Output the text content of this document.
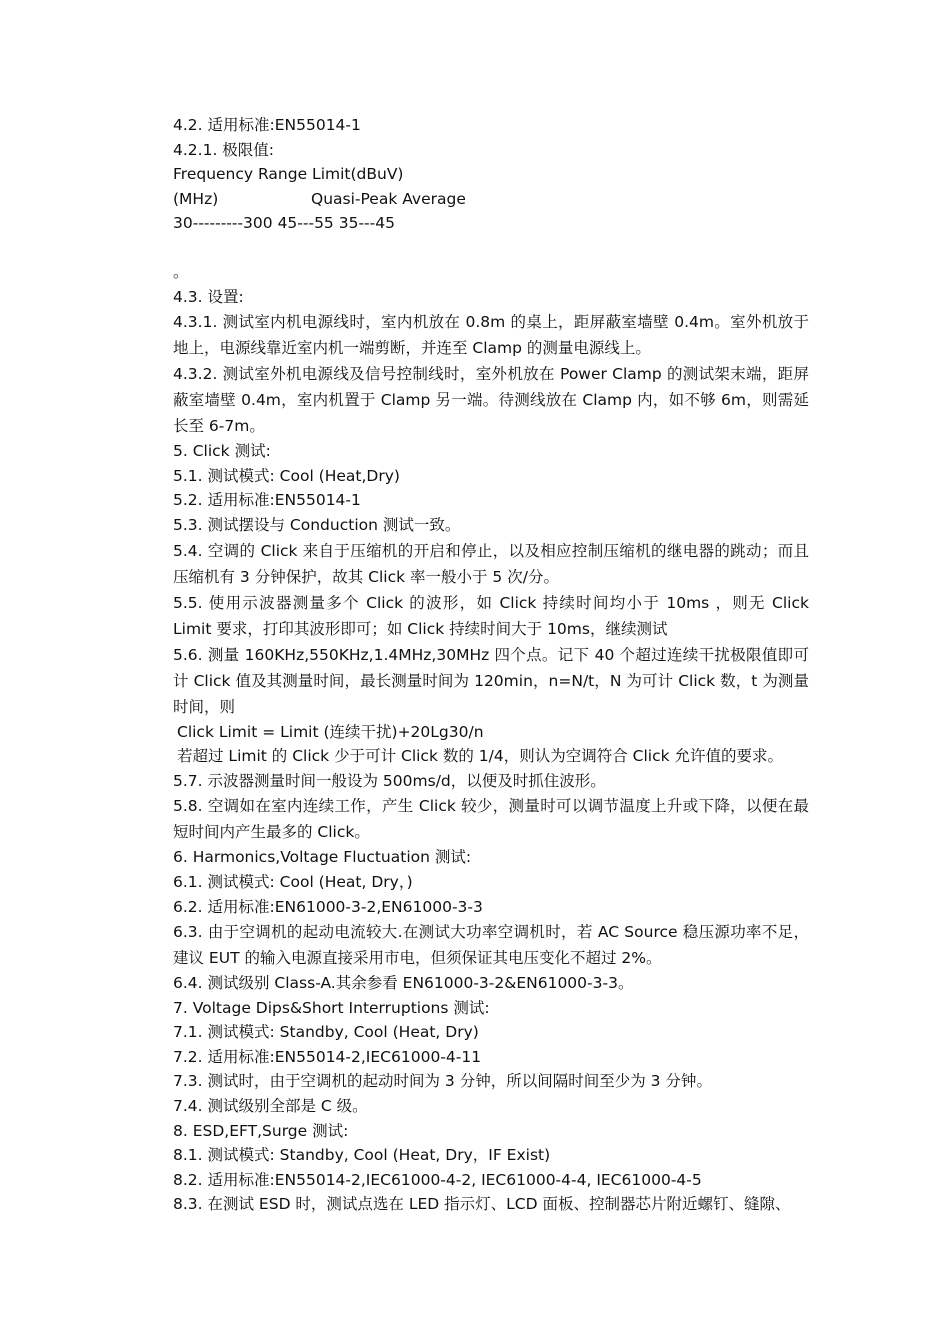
4.2. 适用标准:EN55014-1
4.2.1. 极限值:
Frequency Range Limit(dBuV)
(MHz)	Quasi-Peak Average
30---------300 45---55 35---45
。
4.3. 设置:
4.3.1. 测试室内机电源线时，室内机放在 0.8m 的桌上，距屏蔽室墙壁 0.4m。室外机放于地上，电源线靠近室内机一端剪断，并连至 Clamp 的测量电源线上。
4.3.2. 测试室外机电源线及信号控制线时，室外机放在 Power Clamp 的测试架末端，距屏蔽室墙壁 0.4m，室内机置于 Clamp 另一端。待测线放在 Clamp 内，如不够 6m，则需延长至 6-7m。
5. Click 测试:
5.1. 测试模式: Cool (Heat,Dry)
5.2. 适用标准:EN55014-1
5.3. 测试摆设与 Conduction 测试一致。
5.4. 空调的 Click 来自于压缩机的开启和停止，以及相应控制压缩机的继电器的跳动；而且压缩机有 3 分钟保护，故其 Click 率一般小于 5 次/分。
5.5. 使用示波器测量多个 Click 的波形，如 Click 持续时间均小于 10ms ，则无 Click Limit 要求，打印其波形即可；如 Click 持续时间大于 10ms，继续测试
5.6. 测量 160KHz,550KHz,1.4MHz,30MHz 四个点。记下 40 个超过连续干扰极限值即可计 Click 值及其测量时间，最长测量时间为 120min，n=N/t，N 为可计 Click 数，t 为测量时间，则
Click Limit = Limit (连续干扰)+20Lg30/n
若超过 Limit 的 Click 少于可计 Click 数的 1/4，则认为空调符合 Click 允许值的要求。
5.7. 示波器测量时间一般设为 500ms/d，以便及时抓住波形。
5.8. 空调如在室内连续工作，产生 Click 较少，测量时可以调节温度上升或下降，以便在最短时间内产生最多的 Click。
6. Harmonics,Voltage Fluctuation 测试:
6.1. 测试模式: Cool (Heat, Dry，)
6.2. 适用标准:EN61000-3-2,EN61000-3-3
6.3. 由于空调机的起动电流较大.在测试大功率空调机时，若 AC Source 稳压源功率不足，建议 EUT 的输入电源直接采用市电，但须保证其电压变化不超过 2%。
6.4. 测试级别 Class-A.其余参看 EN61000-3-2&EN61000-3-3。
7. Voltage Dips&Short Interruptions 测试:
7.1. 测试模式: Standby, Cool (Heat, Dry)
7.2. 适用标准:EN55014-2,IEC61000-4-11
7.3. 测试时，由于空调机的起动时间为 3 分钟，所以间隔时间至少为 3 分钟。
7.4. 测试级别全部是 C 级。
8. ESD,EFT,Surge 测试:
8.1. 测试模式: Standby, Cool (Heat, Dry，IF Exist)
8.2. 适用标准:EN55014-2,IEC61000-4-2, IEC61000-4-4, IEC61000-4-5
8.3. 在测试 ESD 时，测试点选在 LED 指示灯、LCD 面板、控制器芯片附近螺钉、缝隙、
